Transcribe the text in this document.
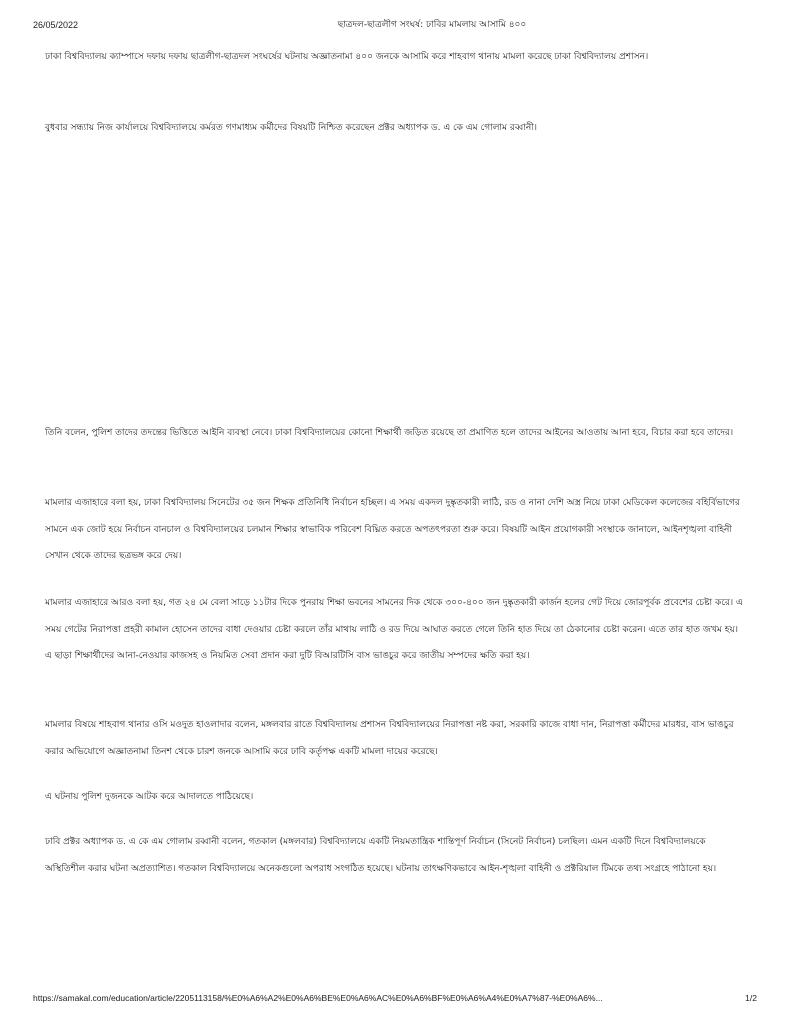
26/05/2022	ছাত্রদল-ছাত্রলীগ সংঘর্ষ: ঢাবির মামলায় আসামি ৪০০

ঢাকা বিশ্ববিদ্যালয় ক্যাম্পাসে দফায় দফায় ছাত্রলীগ-ছাত্রদল সংঘর্ষের ঘটনায় অজ্ঞাতনামা ৪০০ জনকে আসামি করে শাহবাগ থানায় মামলা করেছে ঢাকা বিশ্ববিদ্যালয় প্রশাসন।

বুধবার সন্ধ্যায় নিজ কার্যালয়ে বিশ্ববিদ্যালয়ে কর্মরত গণমাধ্যম কর্মীদের বিষয়টি নিশ্চিত করেছেন প্রক্টর অধ্যাপক ড. এ কে এম গোলাম রব্বানী।

তিনি বলেন, পুলিশ তাদের তদন্তের ভিত্তিতে আইনি ব্যবস্থা নেবে। ঢাকা বিশ্ববিদ্যালয়ের কোনো শিক্ষার্থী জড়িত রয়েছে তা প্রমাণিত হলে তাদের আইনের আওতায় আনা হবে, বিচার করা হবে তাদের।

মামলার এজাহারে বলা হয়, ঢাকা বিশ্ববিদ্যালয় সিনেটের ৩৫ জন শিক্ষক প্রতিনিধি নির্বাচন হচ্ছিল। এ সময় একদল দুষ্কৃতকারী লাঠি, রড ও নানা দেশি অস্ত্র নিয়ে ঢাকা মেডিকেল কলেজের বহির্বিভাগের সামনে এক জোট হয়ে নির্বাচন বানচাল ও বিশ্ববিদ্যালয়ের চলমান শিক্ষার স্বাভাবিক পরিবেশ বিঘ্নিত করতে অপতৎপরতা শুরু করে। বিষয়টি আইন প্রয়োগকারী সংস্থাকে জানালে, আইনশৃঙ্খলা বাহিনী সেখান থেকে তাদের ছত্রভঙ্গ করে দেয়।

মামলার এজাহারে আরও বলা হয়, গত ২৪ মে বেলা সাড়ে ১১টার দিকে পুনরায় শিক্ষা ভবনের সামনের দিক থেকে ৩০০-৪০০ জন দুষ্কৃতকারী কার্জন হলের গেট দিয়ে জোরপূর্বক প্রবেশের চেষ্টা করে। এ সময় গেটের নিরাপত্তা প্রহরী কামাল হোসেন তাদের বাধা দেওয়ার চেষ্টা করলে তাঁর মাথায় লাঠি ও রড দিয়ে আঘাত করতে গেলে তিনি হাত দিয়ে তা ঠেকানোর চেষ্টা করেন। এতে তার হাত জখম হয়। এ ছাড়া শিক্ষার্থীদের আনা-নেওয়ার কাজসহ ও নিয়মিত সেবা প্রদান করা দুটি বিআরটিসি বাস ভাঙচুর করে জাতীয় সম্পদের ক্ষতি করা হয়।

মামলার বিষয়ে শাহবাগ থানার ওসি মওদুত হাওলাদার বলেন, মঙ্গলবার রাতে বিশ্ববিদ্যালয় প্রশাসন বিশ্ববিদ্যালয়ের নিরাপত্তা নষ্ট করা, সরকারি কাজে বাধা দান, নিরাপত্তা কর্মীদের মারধর, বাস ভাঙচুর করার অভিযোগে অজ্ঞাতনামা তিনশ থেকে চারশ জনকে আসামি করে ঢাবি কর্তৃপক্ষ একটি মামলা দায়ের করেছে।

এ ঘটনায় পুলিশ দুজনকে আটক করে আদালতে পাঠিয়েছে।

ঢাবি প্রক্টর অধ্যাপক ড. এ কে এম গোলাম রব্বানী বলেন, গতকাল (মঙ্গলবার) বিশ্ববিদ্যালয়ে একটি নিয়মতান্ত্রিক শান্তিপূর্ণ নির্বাচন (সিনেট নির্বাচন) চলছিল। এমন একটি দিনে বিশ্ববিদ্যালয়কে অস্থিতিশীল করার ঘটনা অপ্রত্যাশিত। গতকাল বিশ্ববিদ্যালয়ে অনেকগুলো অপরাধ সংগঠিত হয়েছে। ঘটনায় তাৎক্ষণিকভাবে আইন-শৃঙ্খলা বাহিনী ও প্রক্টরিয়াল টিমকে তথ্য সংগ্রহে পাঠানো হয়।

https://samakal.com/education/article/2205113158/%E0%A6%A2%E0%A6%BE%E0%A6%AC%E0%A6%BF%E0%A6%A4%E0%A7%87-%E0%A6%...	1/2
